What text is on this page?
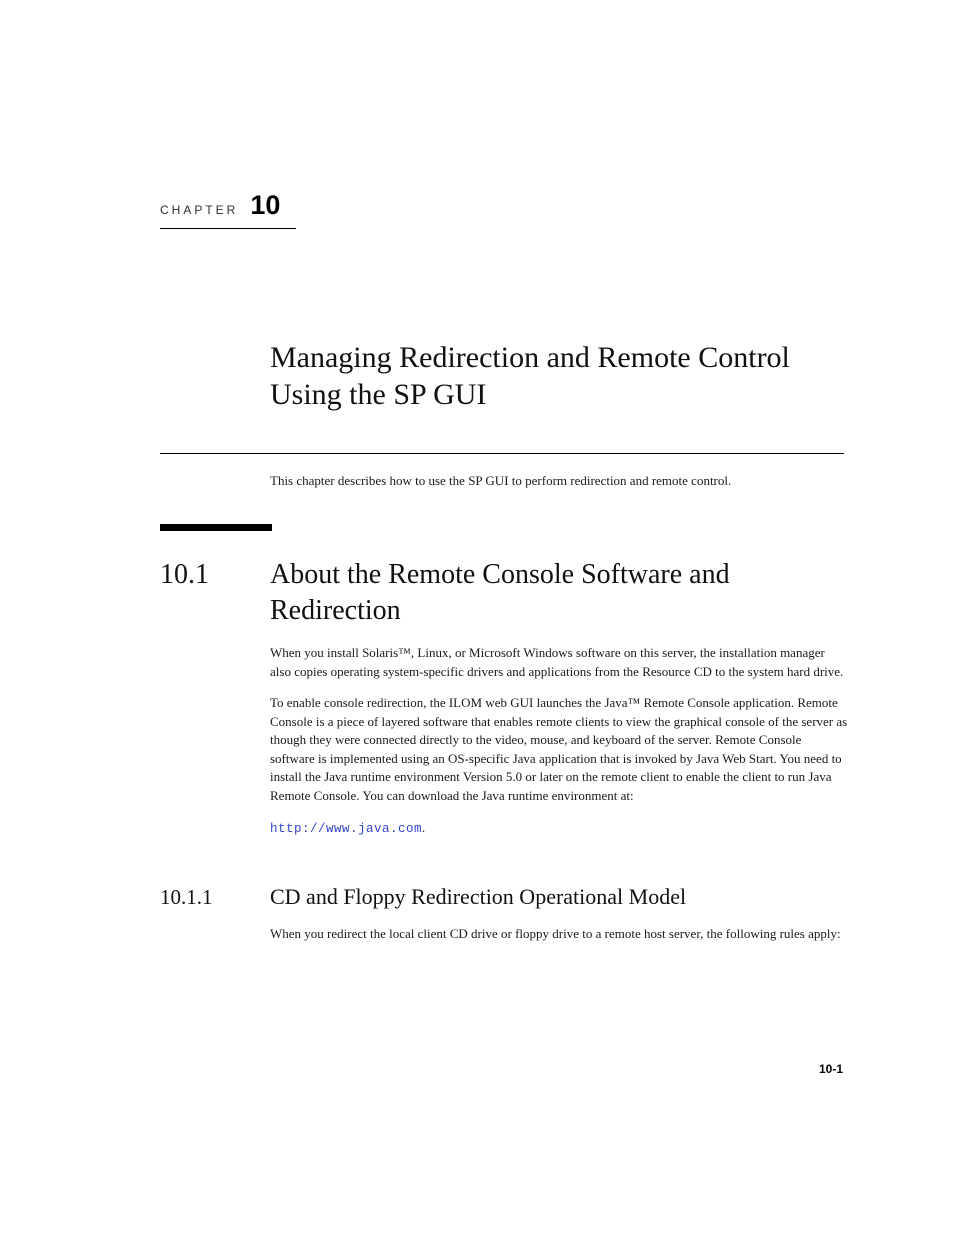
CHAPTER 10
Managing Redirection and Remote Control Using the SP GUI

This chapter describes how to use the SP GUI to perform redirection and remote control.

10.1	About the Remote Console Software and Redirection

When you install Solaris™, Linux, or Microsoft Windows software on this server, the installation manager also copies operating system-specific drivers and applications from the Resource CD to the system hard drive.

To enable console redirection, the ILOM web GUI launches the Java™ Remote Console application. Remote Console is a piece of layered software that enables remote clients to view the graphical console of the server as though they were connected directly to the video, mouse, and keyboard of the server. Remote Console software is implemented using an OS-specific Java application that is invoked by Java Web Start. You need to install the Java runtime environment Version 5.0 or later on the remote client to enable the client to run Java Remote Console. You can download the Java runtime environment at:

http://www.java.com.

10.1.1	CD and Floppy Redirection Operational Model

When you redirect the local client CD drive or floppy drive to a remote host server, the following rules apply:

10-1
